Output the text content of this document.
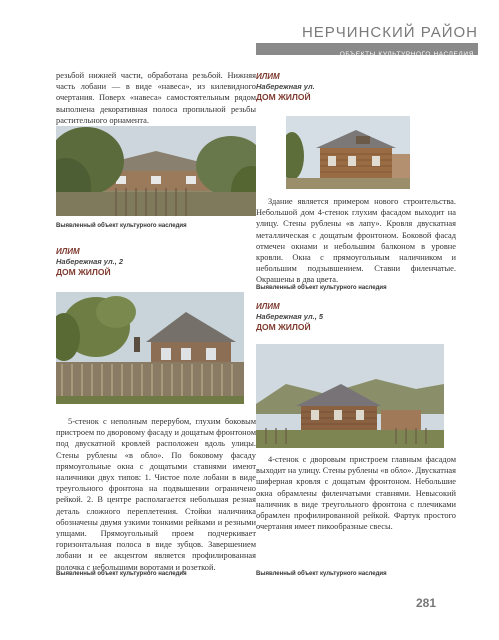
НЕРЧИНСКИЙ РАЙОН
ОБЪЕКТЫ КУЛЬТУРНОГО НАСЛЕДИЯ

резьбой нижней части, обработана резьбой. Нижняя часть лобани — в виде «навеса», из килевидного очертания. Поверх «навеса» самостоятельным рядом выполнена декоративная полоса пропильной резьбы растительного орнамента.

Выявленный объект культурного наследия

ИЛИМ

Набережная ул., 2

ДОМ ЖИЛОЙ

5-стенок с неполным перерубом, глухим боковым пристроем по дворовому фасаду и дощатым фронтоном под двускатной кровлей расположен вдоль улицы. Стены рублены «в обло». По боковому фасаду прямоугольные окна с дощатыми ставнями имеют наличники двух типов: 1. Чистое поле лобани в виде треугольного фронтона на подвышении ограничено рейкой. 2. В центре располагается небольшая резная деталь сложного переплетения. Стойки наличника обозначены двумя узкими тонкими рейками и резными упщами. Прямоугольный проем подчеркивает горизонтальная полоса в виде зубцов. Завершением лобани и ее акцентом является профилированная полочка с небольшими воротами и розеткой.

Выявленный объект культурного наследия

ИЛИМ

Набережная ул.

ДОМ ЖИЛОЙ

Здание является примером нового строительства. Небольшой дом 4-стенок глухим фасадом выходит на улицу. Стены рублены «в лапу». Кровля двускатная металлическая с дощатым фронтоном. Боковой фасад отмечен окнами и небольшим балконом в уровне кровли. Окна с прямоугольным наличником и небольшим подзывшением. Ставни филенчатые. Окрашены в два цвета.

Выявленный объект культурного наследия

ИЛИМ

Набережная ул., 5

ДОМ ЖИЛОЙ

4-стенок с дворовым пристроем главным фасадом выходит на улицу. Стены рублены «в обло». Двускатная шиферная кровля с дощатым фронтоном. Небольшие окна обрамлены филенчатыми ставнями. Невысокий наличник в виде треугольного фронтона с плечиками обрамлен профилированной рейкой. Фартук простого очертания имеет пикообразные свесы.

Выявленный объект культурного наследия

281
